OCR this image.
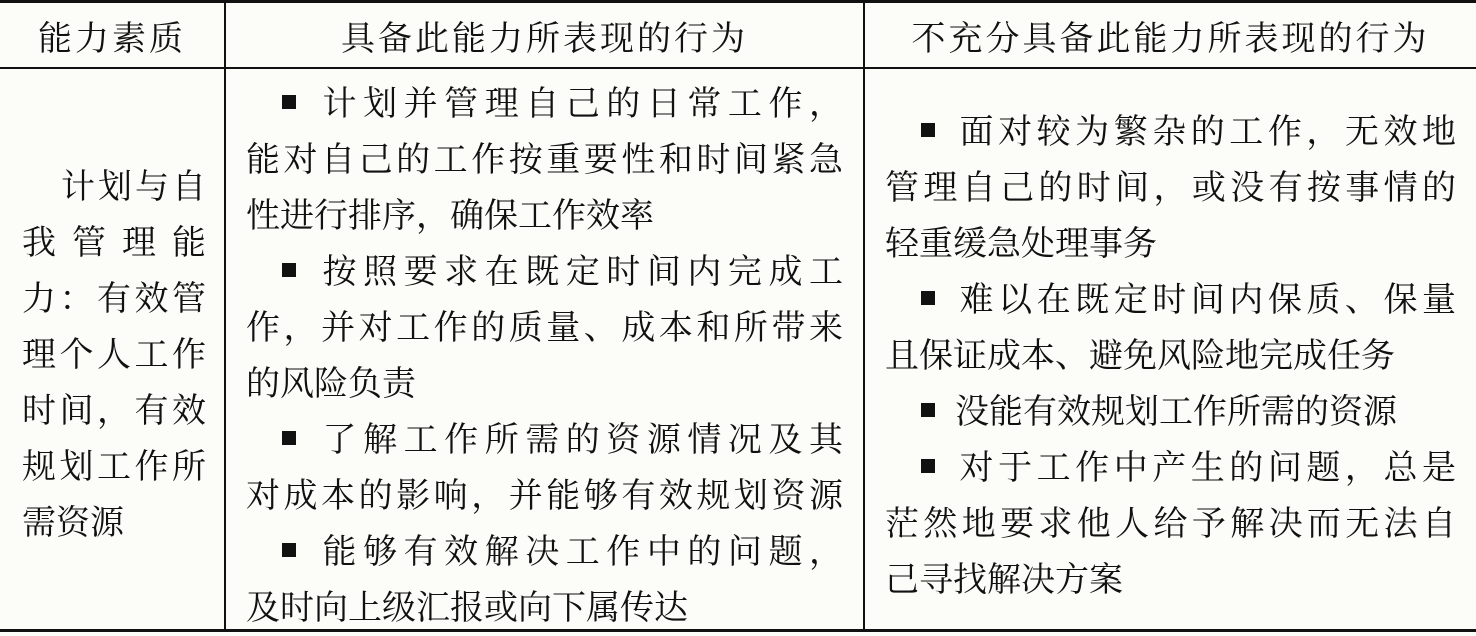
能力素质	具备此能力所表现的行为	不充分具备此能力所表现的行为

计划与自

我 管 理 能

力：有效管

理个人工作

时间，有效

规划工作所

需资源

计划并管理自己的日常工作，

能对自己的工作按重要性和时间紧急

性进行排序，确保工作效率

按照要求在既定时间内完成工

作，并对工作的质量、成本和所带来

的风险负责

了解工作所需的资源情况及其

对成本的影响，并能够有效规划资源

能够有效解决工作中的问题，

及时向上级汇报或向下属传达

面对较为繁杂的工作，无效地

管理自己的时间，或没有按事情的

轻重缓急处理事务

难以在既定时间内保质、保量

且保证成本、避免风险地完成任务

没能有效规划工作所需的资源

对于工作中产生的问题，总是

茫然地要求他人给予解决而无法自

己寻找解决方案
